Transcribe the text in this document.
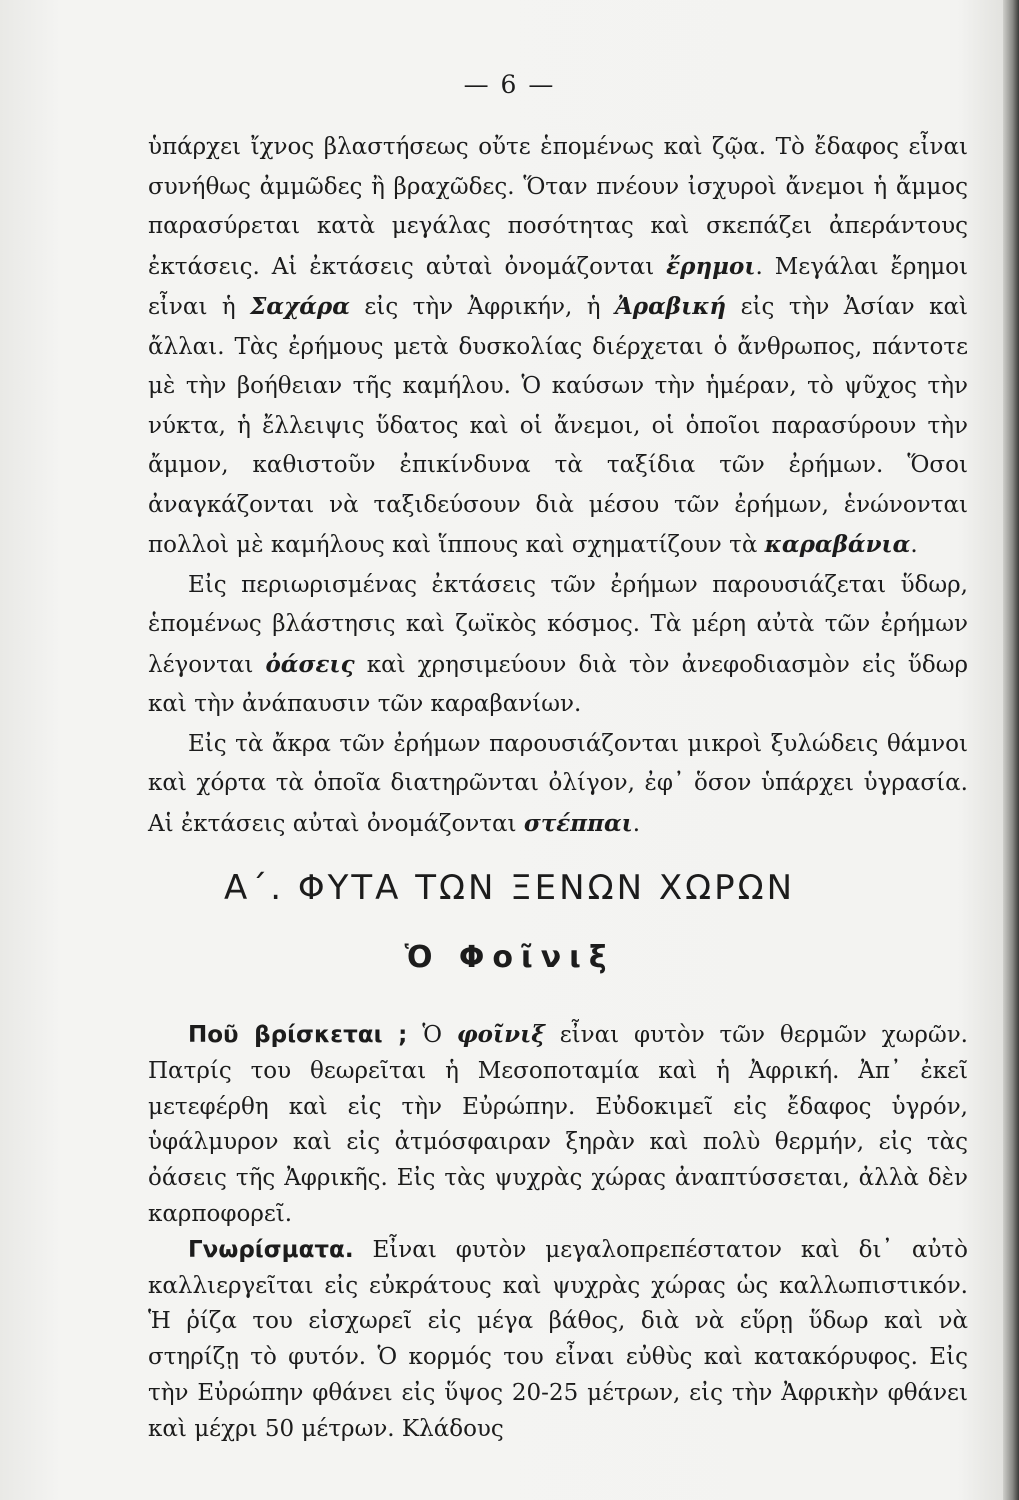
— 6 —

ὑπάρχει ἴχνος βλαστήσεως οὔτε ἑπομένως καὶ ζῷα. Τὸ ἔδαφος εἶναι συνήθως ἀμμῶδες ἢ βραχῶδες. Ὅταν πνέουν ἰσχυροὶ ἄνεμοι ἡ ἄμμος παρασύρεται κατὰ μεγάλας ποσότητας καὶ σκεπάζει ἀπεράντους ἐκτάσεις. Αἱ ἐκτάσεις αὐταὶ ὀνομάζονται ἔρημοι. Μεγάλαι ἔρημοι εἶναι ἡ Σαχάρα εἰς τὴν Ἀφρικήν, ἡ Ἀραβική εἰς τὴν Ἀσίαν καὶ ἄλλαι. Τὰς ἐρήμους μετὰ δυσκολίας διέρχεται ὁ ἄνθρωπος, πάντοτε μὲ τὴν βοήθειαν τῆς καμήλου. Ὁ καύσων τὴν ἡμέραν, τὸ ψῦχος τὴν νύκτα, ἡ ἔλλειψις ὕδατος καὶ οἱ ἄνεμοι, οἱ ὁποῖοι παρασύρουν τὴν ἄμμον, καθιστοῦν ἐπικίνδυνα τὰ ταξίδια τῶν ἐρήμων. Ὅσοι ἀναγκάζονται νὰ ταξιδεύσουν διὰ μέσου τῶν ἐρήμων, ἑνώνονται πολλοὶ μὲ καμήλους καὶ ἵππους καὶ σχηματίζουν τὰ καραβάνια.

Εἰς περιωρισμένας ἐκτάσεις τῶν ἐρήμων παρουσιάζεται ὕδωρ, ἑπομένως βλάστησις καὶ ζωϊκὸς κόσμος. Τὰ μέρη αὐτὰ τῶν ἐρήμων λέγονται ὀάσεις καὶ χρησιμεύουν διὰ τὸν ἀνεφοδιασμὸν εἰς ὕδωρ καὶ τὴν ἀνάπαυσιν τῶν καραβανίων.

Εἰς τὰ ἄκρα τῶν ἐρήμων παρουσιάζονται μικροὶ ξυλώδεις θάμνοι καὶ χόρτα τὰ ὁποῖα διατηρῶνται ὀλίγον, ἐφ᾿ ὅσον ὑπάρχει ὑγρασία. Αἱ ἐκτάσεις αὐταὶ ὀνομάζονται στέππαι.

Α΄. ΦΥΤΑ ΤΩΝ ΞΕΝΩΝ ΧΩΡΩΝ
Ὁ Φοῖνιξ

Ποῦ βρίσκεται ; Ὁ φοῖνιξ εἶναι φυτὸν τῶν θερμῶν χωρῶν. Πατρίς του θεωρεῖται ἡ Μεσοποταμία καὶ ἡ Ἀφρική. Ἀπ᾿ ἐκεῖ μετεφέρθη καὶ εἰς τὴν Εὐρώπην. Εὐδοκιμεῖ εἰς ἔδαφος ὑγρόν, ὑφάλμυρον καὶ εἰς ἀτμόσφαιραν ξηρὰν καὶ πολὺ θερμήν, εἰς τὰς ὀάσεις τῆς Ἀφρικῆς. Εἰς τὰς ψυχρὰς χώρας ἀναπτύσσεται, ἀλλὰ δὲν καρποφορεῖ.

Γνωρίσματα. Εἶναι φυτὸν μεγαλοπρεπέστατον καὶ δι᾿ αὐτὸ καλλιεργεῖται εἰς εὐκράτους καὶ ψυχρὰς χώρας ὡς καλλωπιστικόν. Ἡ ῥίζα του εἰσχωρεῖ εἰς μέγα βάθος, διὰ νὰ εὕρῃ ὕδωρ καὶ νὰ στηρίζῃ τὸ φυτόν. Ὁ κορμός του εἶναι εὐθὺς καὶ κατακόρυφος. Εἰς τὴν Εὐρώπην φθάνει εἰς ὕψος 20-25 μέτρων, εἰς τὴν Ἀφρικὴν φθάνει καὶ μέχρι 50 μέτρων. Κλάδους
